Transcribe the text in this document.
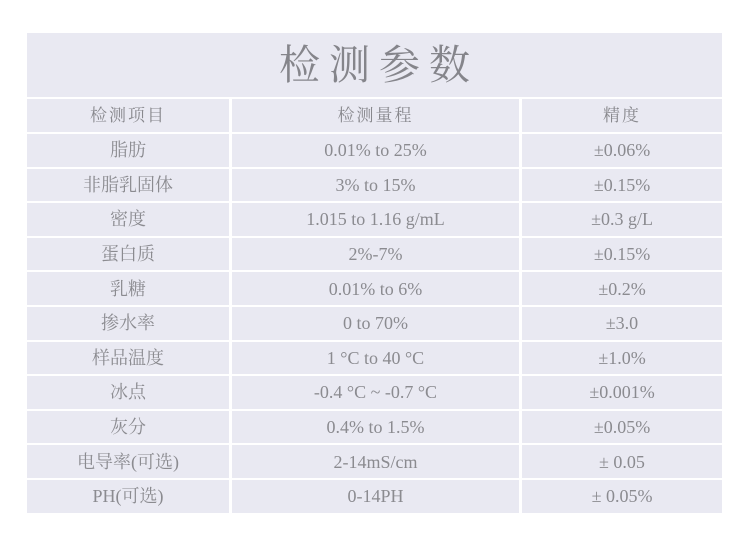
检测参数
检测项目	检测量程	精度
脂肪	0.01% to 25%	±0.06%
非脂乳固体	3% to 15%	±0.15%
密度	1.015 to 1.16 g/mL	±0.3 g/L
蛋白质	2%-7%	±0.15%
乳糖	0.01% to 6%	±0.2%
掺水率	0 to 70%	±3.0
样品温度	1 °C to 40 °C	±1.0%
冰点	-0.4 °C ~ -0.7 °C	±0.001%
灰分	0.4% to 1.5%	±0.05%
电导率(可选)	2-14mS/cm	± 0.05
PH(可选)	0-14PH	± 0.05%
